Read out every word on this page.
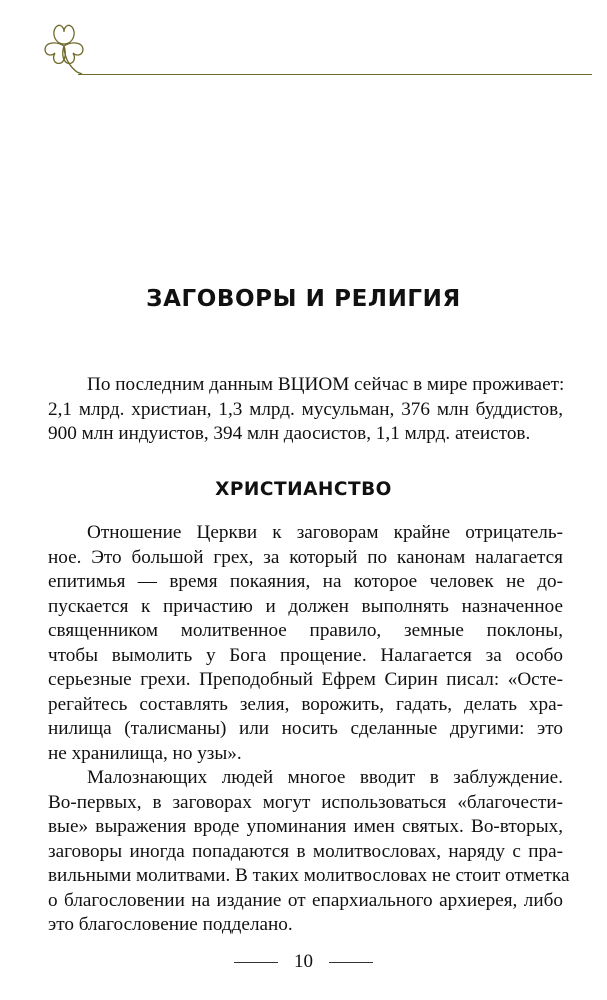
ЗАГОВОРЫ И РЕЛИГИЯ
По последним данным ВЦИОМ сейчас в мире проживает:
2,1 млрд. христиан, 1,3 млрд. мусульман, 376 млн буддистов,
900 млн индуистов, 394 млн даосистов, 1,1 млрд. атеистов.
ХРИСТИАНСТВО
Отношение Церкви к заговорам крайне отрицатель-
ное. Это большой грех, за который по канонам налагается
епитимья — время покаяния, на которое человек не до-
пускается к причастию и должен выполнять назначенное
священником молитвенное правило, земные поклоны,
чтобы вымолить у Бога прощение. Налагается за особо
серьезные грехи. Преподобный Ефрем Сирин писал: «Осте-
регайтесь составлять зелия, ворожить, гадать, делать хра-
нилища (талисманы) или носить сделанные другими: это
не хранилища, но узы».
Малознающих людей многое вводит в заблуждение.
Во-первых, в заговорах могут использоваться «благочести-
вые» выражения вроде упоминания имен святых. Во-вторых,
заговоры иногда попадаются в молитвословах, наряду с пра-
вильными молитвами. В таких молитвословах не стоит отметка
о благословении на издание от епархиального архиерея, либо
это благословение подделано.
10
